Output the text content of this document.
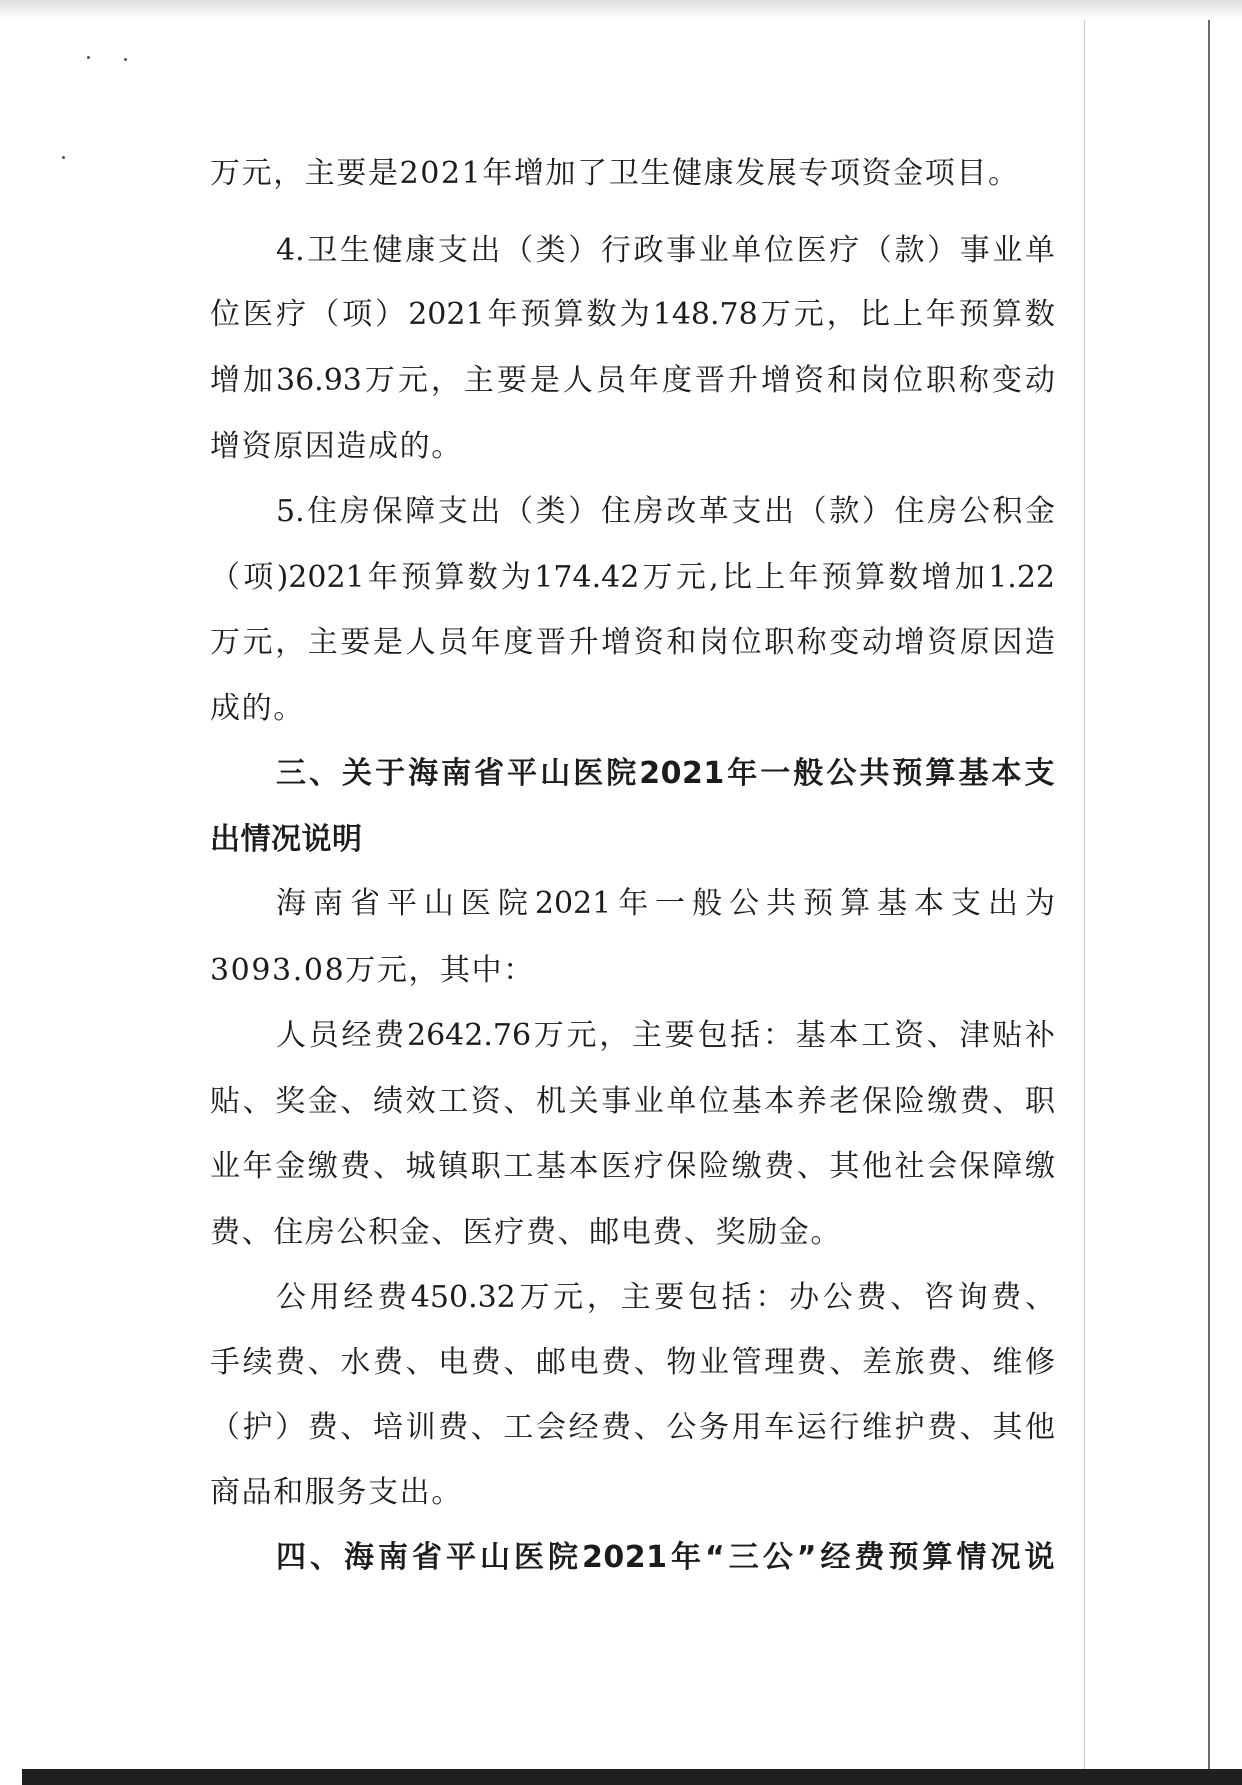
万元，主要是2021年增加了卫生健康发展专项资金项目。
4.卫生健康支出（类）行政事业单位医疗（款）事业单
位医疗（项）2021年预算数为148.78万元，比上年预算数
增加36.93万元，主要是人员年度晋升增资和岗位职称变动
增资原因造成的。
5.住房保障支出（类）住房改革支出（款）住房公积金
（项)2021年预算数为174.42万元,比上年预算数增加1.22
万元，主要是人员年度晋升增资和岗位职称变动增资原因造
成的。
三、关于海南省平山医院2021年一般公共预算基本支
出情况说明
海南省平山医院2021年一般公共预算基本支出为
3093.08万元，其中：
人员经费2642.76万元，主要包括：基本工资、津贴补
贴、奖金、绩效工资、机关事业单位基本养老保险缴费、职
业年金缴费、城镇职工基本医疗保险缴费、其他社会保障缴
费、住房公积金、医疗费、邮电费、奖励金。
公用经费450.32万元，主要包括：办公费、咨询费、
手续费、水费、电费、邮电费、物业管理费、差旅费、维修
（护）费、培训费、工会经费、公务用车运行维护费、其他
商品和服务支出。
四、海南省平山医院2021年“三公”经费预算情况说
